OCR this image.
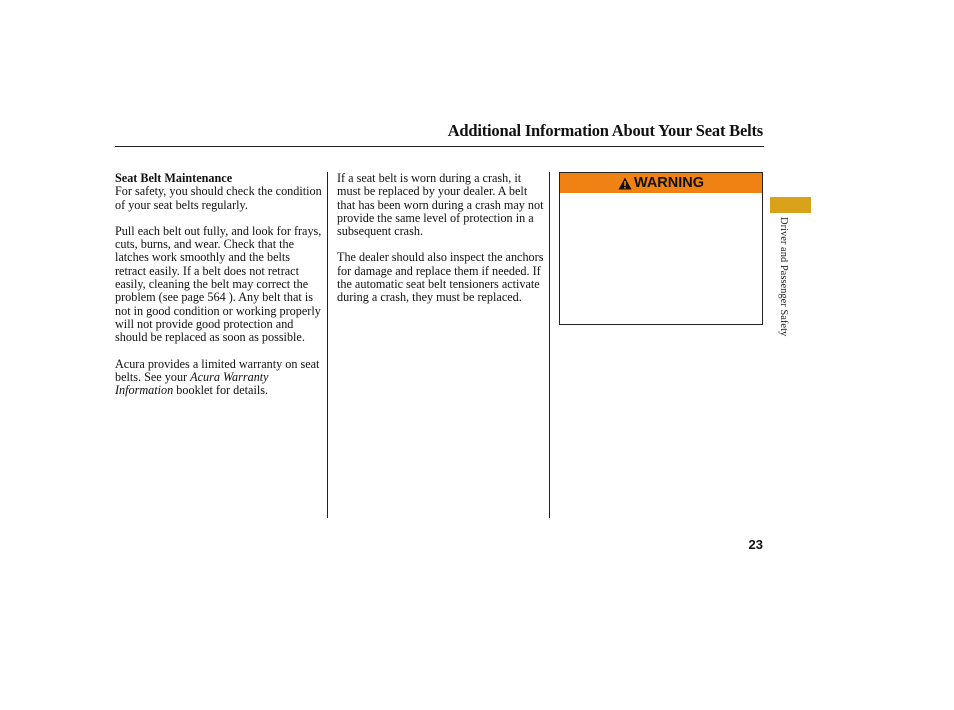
Additional Information About Your Seat Belts

Seat Belt Maintenance

For safety, you should check the condition of your seat belts regularly.

Pull each belt out fully, and look for frays, cuts, burns, and wear. Check that the latches work smoothly and the belts retract easily. If a belt does not retract easily, cleaning the belt may correct the problem (see page 564 ). Any belt that is not in good condition or working properly will not provide good protection and should be replaced as soon as possible.

Acura provides a limited warranty on seat belts. See your Acura Warranty Information booklet for details.

If a seat belt is worn during a crash, it must be replaced by your dealer. A belt that has been worn during a crash may not provide the same level of protection in a subsequent crash.

The dealer should also inspect the anchors for damage and replace them if needed. If the automatic seat belt tensioners activate during a crash, they must be replaced.

WARNING
Driver and Passenger Safety
23
